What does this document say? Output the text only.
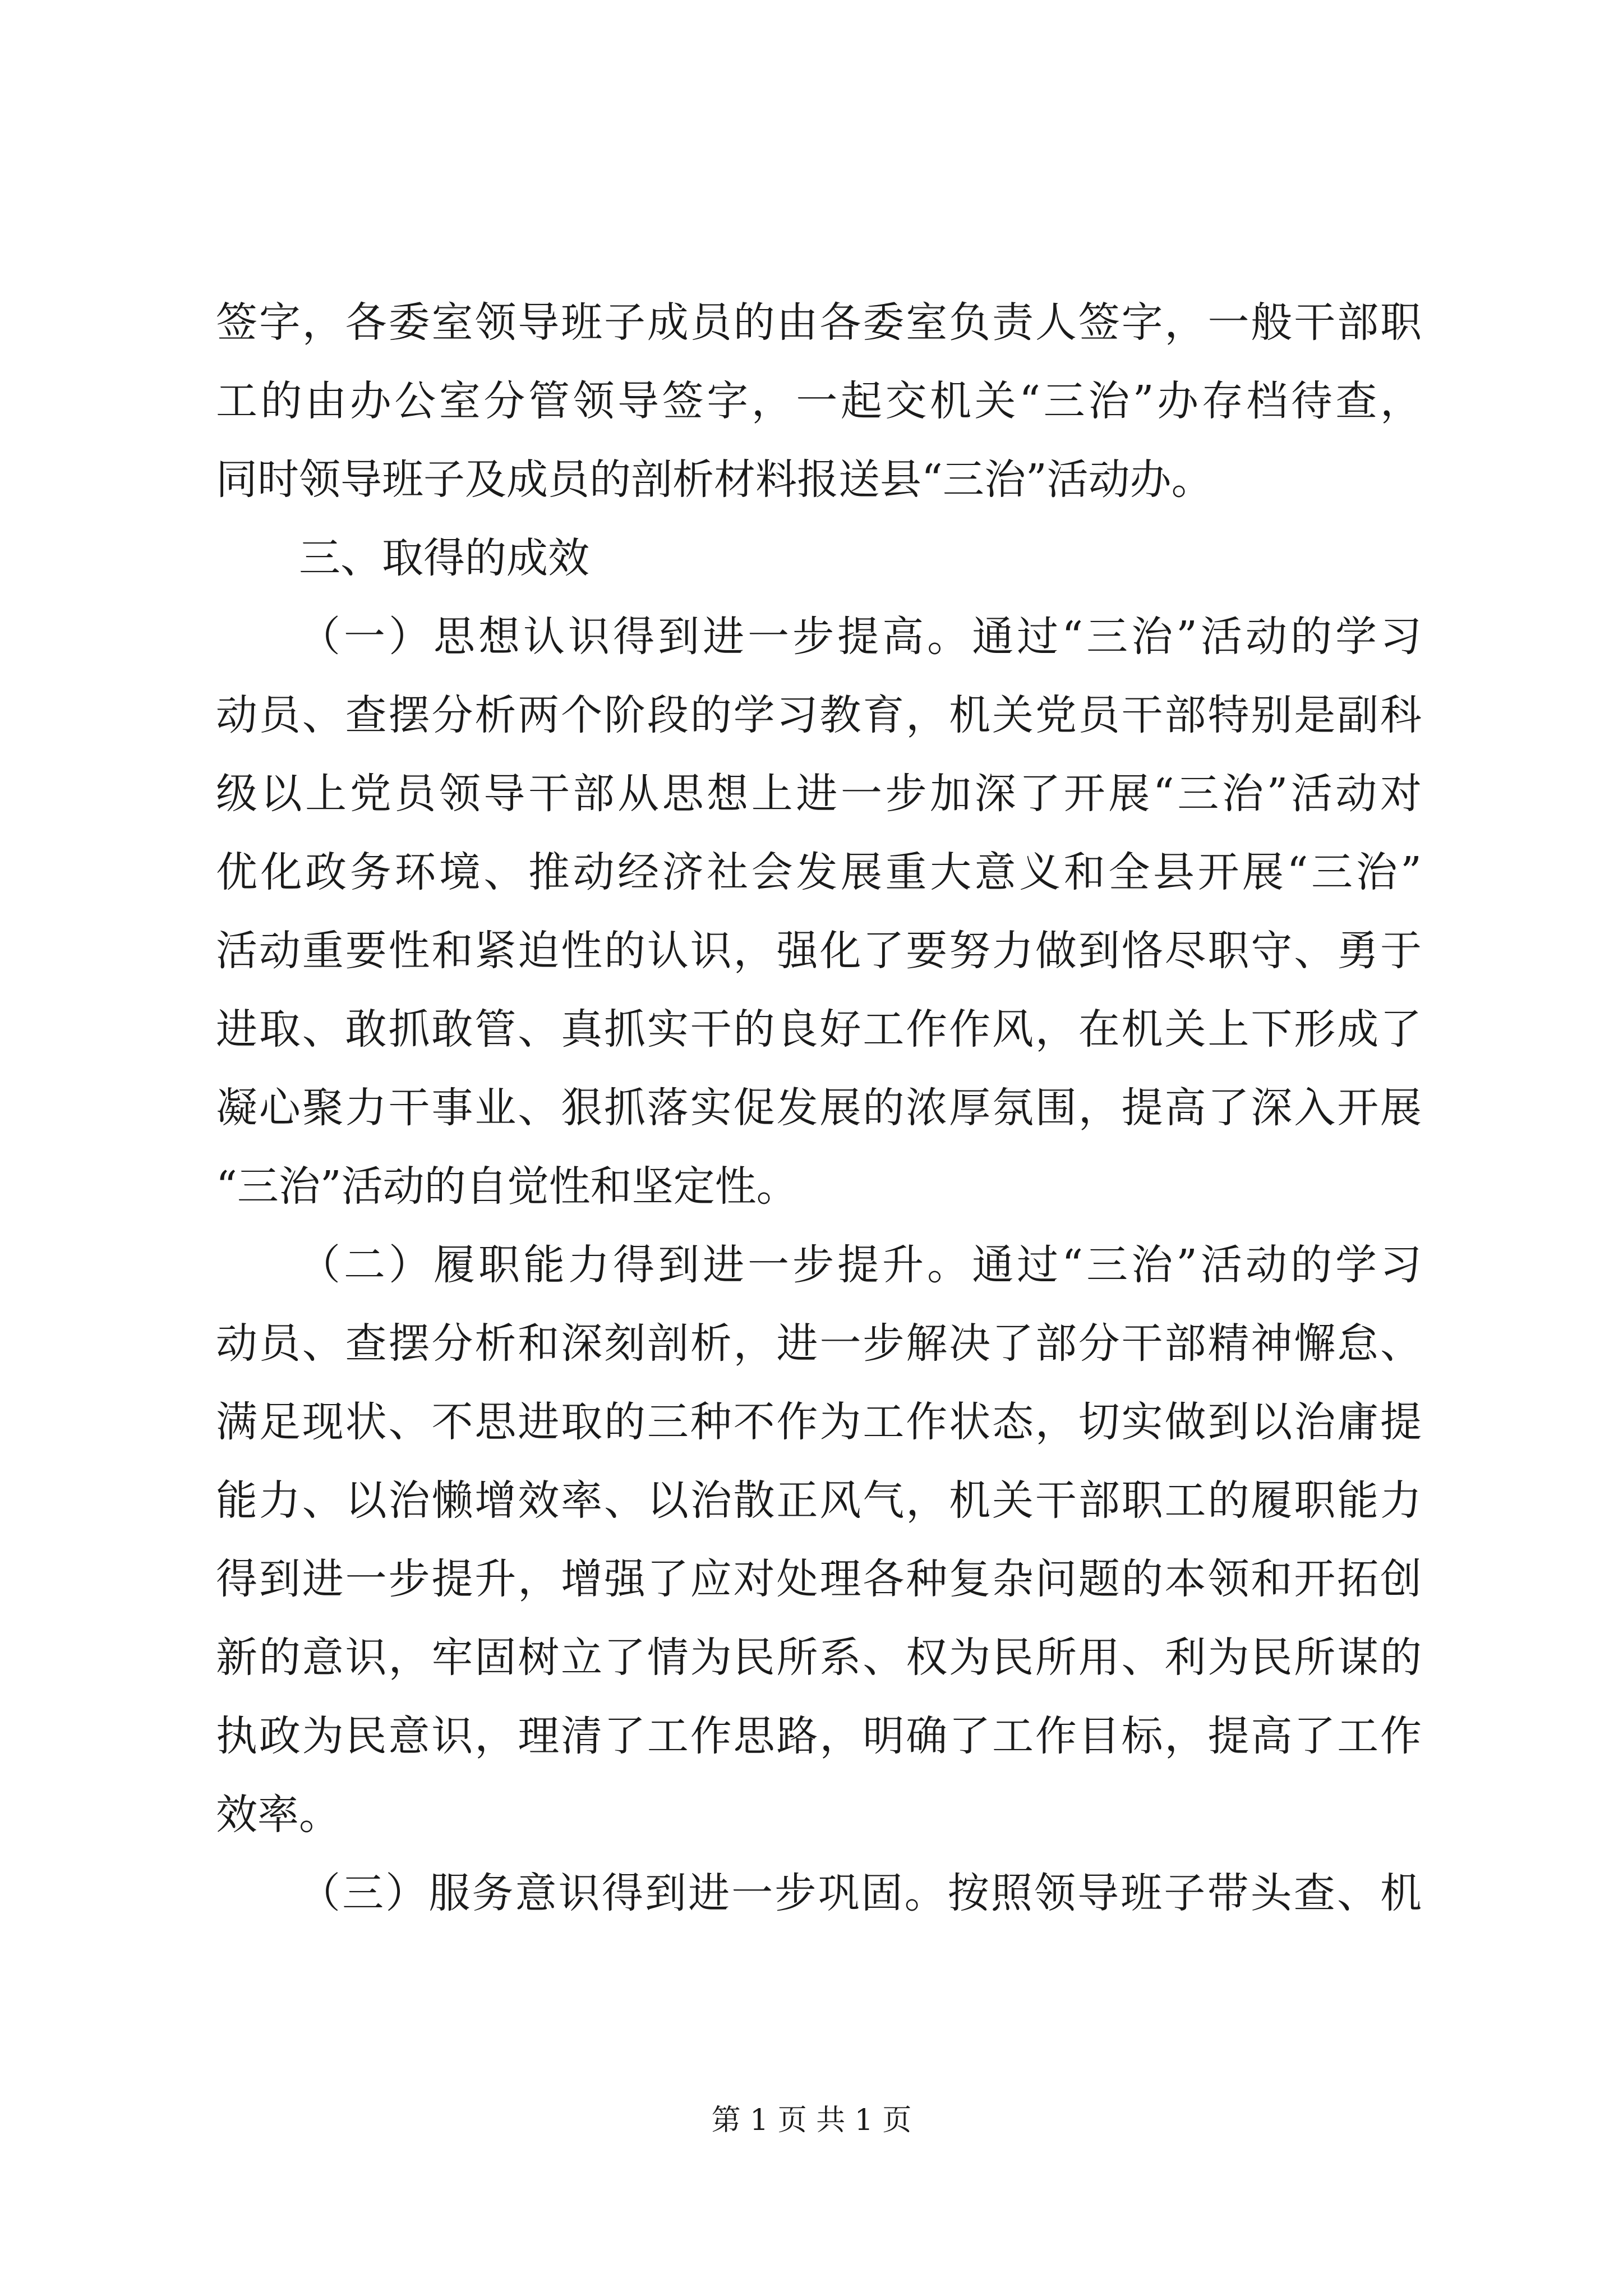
签字，各委室领导班子成员的由各委室负责人签字，一般干部职
工的由办公室分管领导签字，一起交机关“三治”办存档待查，
同时领导班子及成员的剖析材料报送县“三治”活动办。
三、取得的成效
（一）思想认识得到进一步提高。通过“三治”活动的学习
动员、查摆分析两个阶段的学习教育，机关党员干部特别是副科
级以上党员领导干部从思想上进一步加深了开展“三治”活动对
优化政务环境、推动经济社会发展重大意义和全县开展“三治”
活动重要性和紧迫性的认识，强化了要努力做到恪尽职守、勇于
进取、敢抓敢管、真抓实干的良好工作作风，在机关上下形成了
凝心聚力干事业、狠抓落实促发展的浓厚氛围，提高了深入开展
“三治”活动的自觉性和坚定性。
（二）履职能力得到进一步提升。通过“三治”活动的学习
动员、查摆分析和深刻剖析，进一步解决了部分干部精神懈怠、
满足现状、不思进取的三种不作为工作状态，切实做到以治庸提
能力、以治懒增效率、以治散正风气，机关干部职工的履职能力
得到进一步提升，增强了应对处理各种复杂问题的本领和开拓创
新的意识，牢固树立了情为民所系、权为民所用、利为民所谋的
执政为民意识，理清了工作思路，明确了工作目标，提高了工作
效率。
（三）服务意识得到进一步巩固。按照领导班子带头查、机
第 1 页 共 1 页
